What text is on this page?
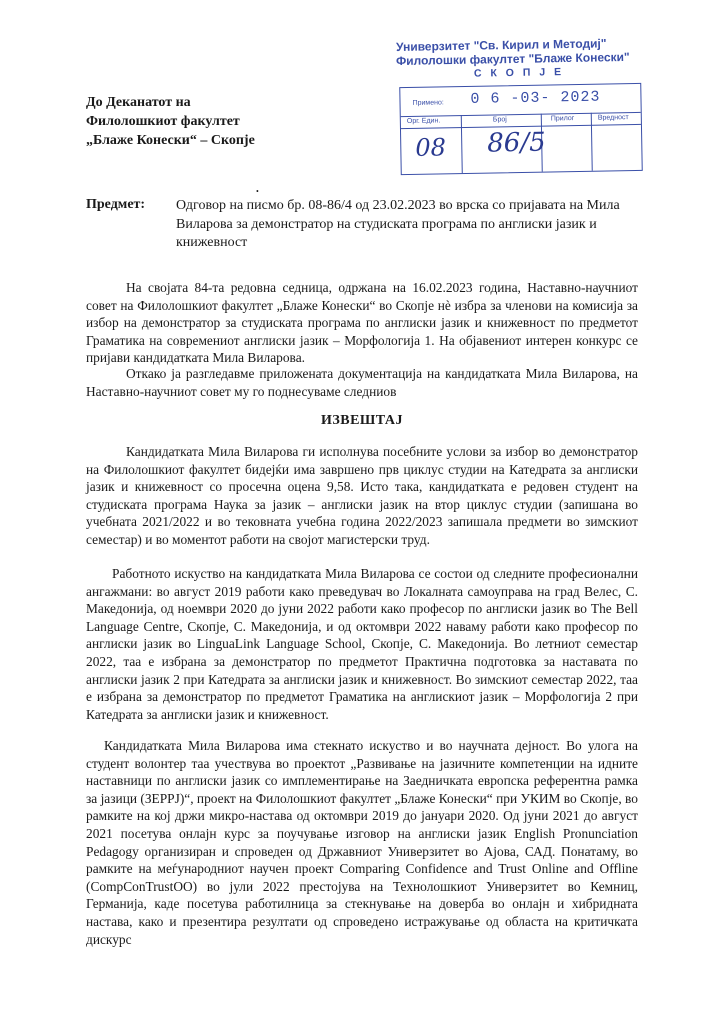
Универзитет "Св. Кирил и Методиј"
Филолошки факултет "Блаже Конески"
С К О П Ј Е
Примено: 0 6 -03- 2023
Орг. Един.	Број	Прилог	Вредност
08 86/5
До Деканатот на
Филолошкиот факултет
„Блаже Конески“ – Скопје
•
Предмет: Одговор на писмо бр. 08-86/4 од 23.02.2023 во врска со пријавата на Мила Виларова за демонстратор на студиската програма по англиски јазик и книжевност

На својата 84-та редовна седница, одржана на 16.02.2023 година, Наставно-научниот совет на Филолошкиот факултет „Блаже Конески“ во Скопје нè избра за членови на комисија за избор на демонстратор за студиската програма по англиски јазик и книжевност по предметот Граматика на современиот англиски јазик – Морфологија 1. На објавениот интерен конкурс се пријави кандидатката Мила Виларова.

Откако ја разгледавме приложената документација на кандидатката Мила Виларова, на Наставно-научниот совет му го поднесуваме следниов

ИЗВЕШТАЈ

Кандидатката Мила Виларова ги исполнува посебните услови за избор во демонстратор на Филолошкиот факултет бидејќи има завршено прв циклус студии на Катедрата за англиски јазик и книжевност со просечна оцена 9,58. Исто така, кандидатката е редовен студент на студиската програма Наука за јазик – англиски јазик на втор циклус студии (запишана во учебната 2021/2022 и во тековната учебна година 2022/2023 запишала предмети во зимскиот семестар) и во моментот работи на својот магистерски труд.

Работното искуство на кандидатката Мила Виларова се состои од следните професионални ангажмани: во август 2019 работи како преведувач во Локалната самоуправа на град Велес, С. Македонија, од ноември 2020 до јуни 2022 работи како професор по англиски јазик во The Bell Language Centre, Скопје, С. Македонија, и од октомври 2022 наваму работи како професор по англиски јазик во LinguaLink Language School, Скопје, С. Македонија. Во летниот семестар 2022, таа е избрана за демонстратор по предметот Практична подготовка за наставата по англиски јазик 2 при Катедрата за англиски јазик и книжевност. Во зимскиот семестар 2022, таа е избрана за демонстратор по предметот Граматика на англискиот јазик – Морфологија 2 при Катедрата за англиски јазик и книжевност.

Кандидатката Мила Виларова има стекнато искуство и во научната дејност. Во улога на студент волонтер таа учествува во проектот „Развивање на јазичните компетенции на идните наставници по англиски јазик со имплементирање на Заедничката европска референтна рамка за јазици (ЗЕРРЈ)“, проект на Филолошкиот факултет „Блаже Конески“ при УКИМ во Скопје, во рамките на кој држи микро-настава од октомври 2019 до јануари 2020. Од јуни 2021 до август 2021 посетува онлајн курс за поучување изговор на англиски јазик English Pronunciation Pedagogy организиран и спроведен од Државниот Универзитет во Ајова, САД. Понатаму, во рамките на меѓународниот научен проект Comparing Confidence and Trust Online and Offline (CompConTrustOO) во јули 2022 престојува на Технолошкиот Универзитет во Кемниц, Германија, каде посетува работилница за стекнување на доверба во онлајн и хибридната настава, како и презентира резултати од спроведено истражување од областа на критичката дискурс
